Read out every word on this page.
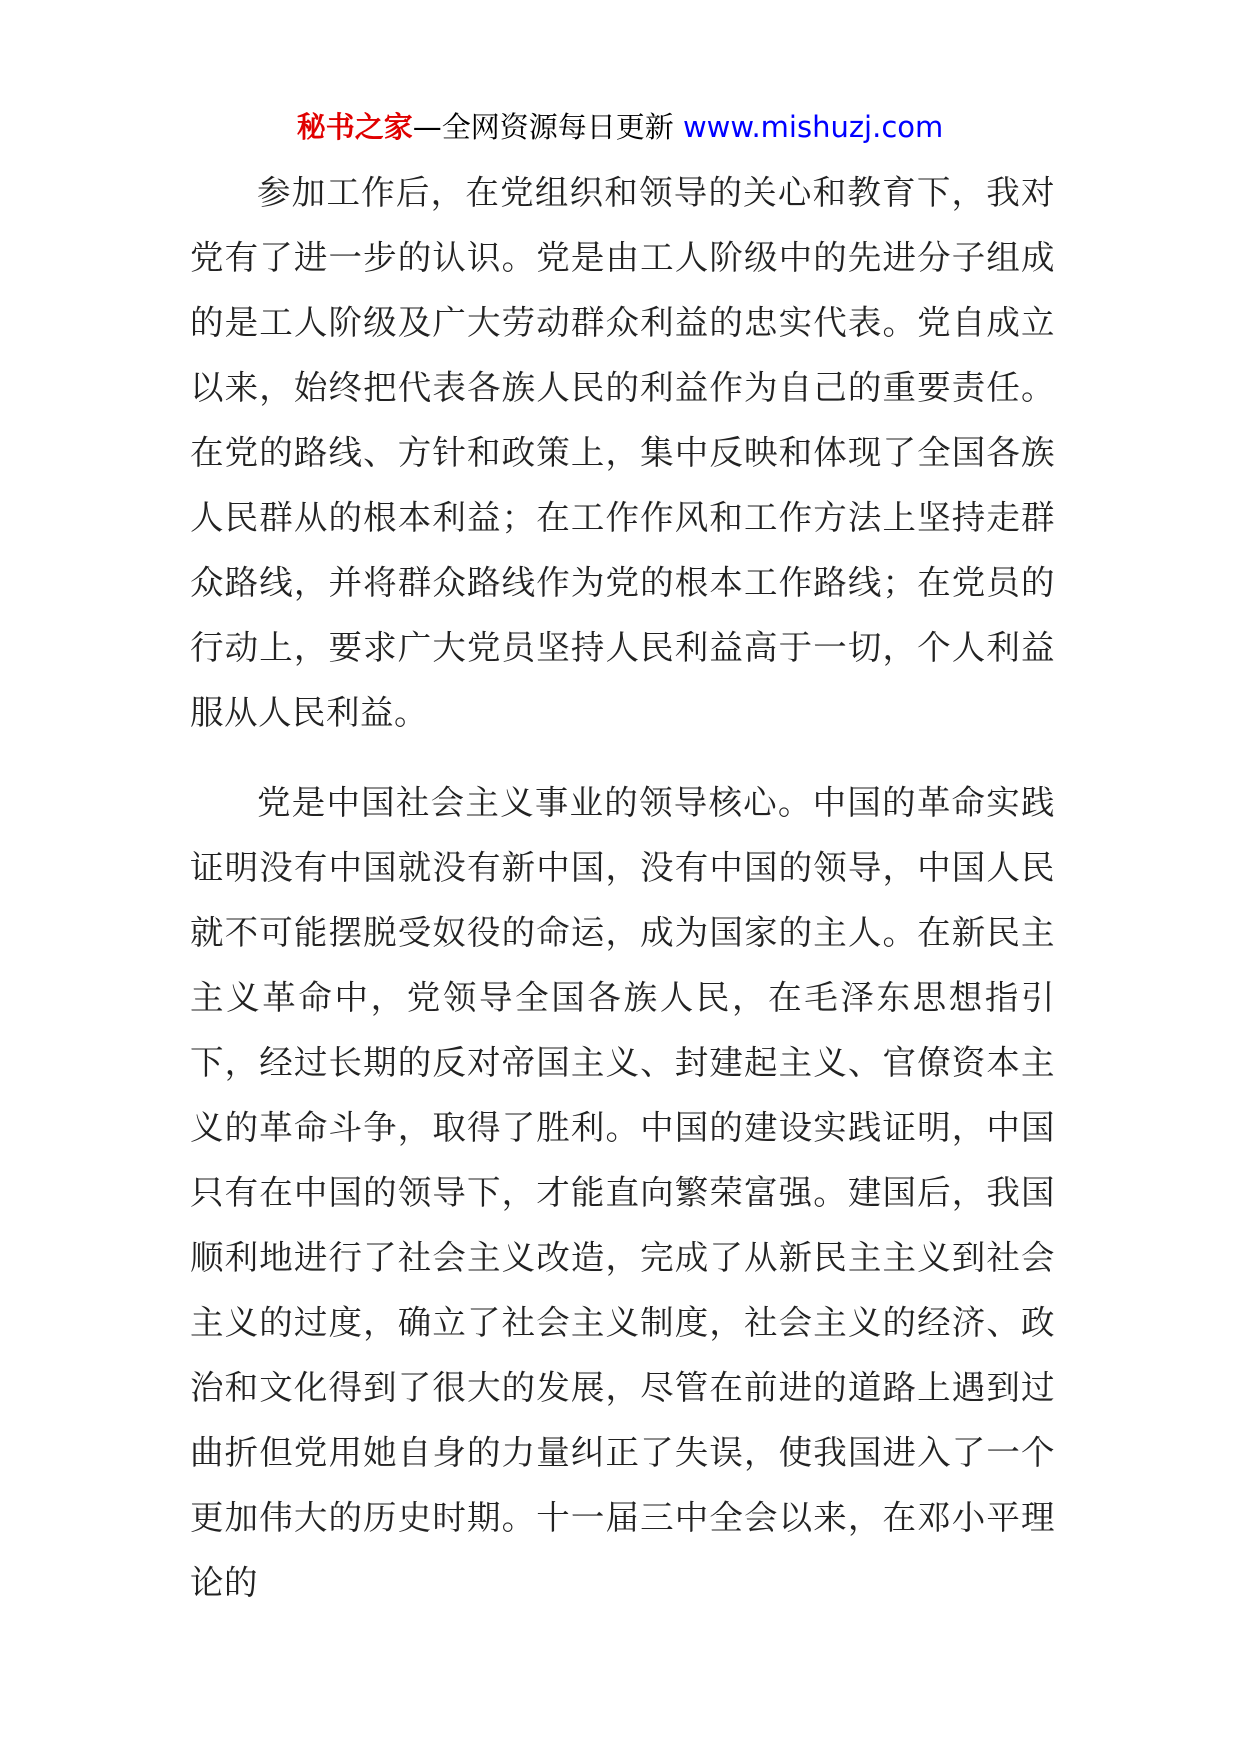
秘书之家—全网资源每日更新 www.mishuzj.com

参加工作后，在党组织和领导的关心和教育下，我对党有了进一步的认识。党是由工人阶级中的先进分子组成的是工人阶级及广大劳动群众利益的忠实代表。党自成立以来，始终把代表各族人民的利益作为自己的重要责任。在党的路线、方针和政策上，集中反映和体现了全国各族人民群从的根本利益；在工作作风和工作方法上坚持走群众路线，并将群众路线作为党的根本工作路线；在党员的行动上，要求广大党员坚持人民利益高于一切，个人利益服从人民利益。

党是中国社会主义事业的领导核心。中国的革命实践证明没有中国就没有新中国，没有中国的领导，中国人民就不可能摆脱受奴役的命运，成为国家的主人。在新民主主义革命中，党领导全国各族人民，在毛泽东思想指引下，经过长期的反对帝国主义、封建起主义、官僚资本主义的革命斗争，取得了胜利。中国的建设实践证明，中国只有在中国的领导下，才能直向繁荣富强。建国后，我国顺利地进行了社会主义改造，完成了从新民主主义到社会主义的过度，确立了社会主义制度，社会主义的经济、政治和文化得到了很大的发展，尽管在前进的道路上遇到过曲折但党用她自身的力量纠正了失误，使我国进入了一个更加伟大的历史时期。十一届三中全会以来，在邓小平理论的
